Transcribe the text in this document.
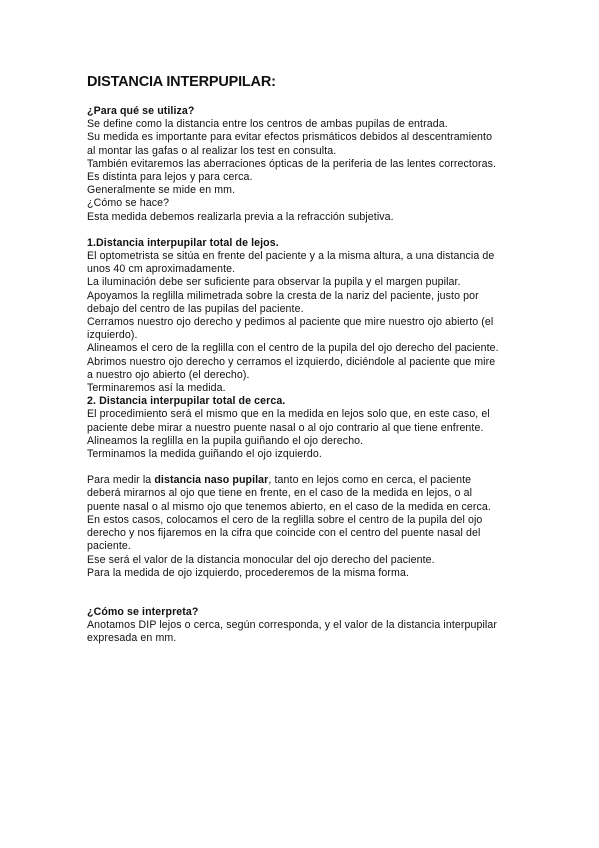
DISTANCIA INTERPUPILAR:

¿Para qué se utiliza?

Se define como la distancia entre los centros de ambas pupilas de entrada.

Su medida es importante para evitar efectos prismáticos debidos al descentramiento al montar las gafas o al realizar los test en consulta.

También evitaremos las aberraciones ópticas de la periferia de las lentes correctoras.

Es distinta para lejos y para cerca.

Generalmente se mide en mm.

¿Cómo se hace?

Esta medida debemos realizarla previa a la refracción subjetiva.

1.Distancia interpupilar total de lejos.

El optometrista se sitúa en frente del paciente y a la misma altura, a una distancia de unos 40 cm aproximadamente.

La iluminación debe ser suficiente para observar la pupila y el margen pupilar.

Apoyamos la reglilla milimetrada sobre la cresta de la nariz del paciente, justo por debajo del centro de las pupilas del paciente.

Cerramos nuestro ojo derecho y pedimos al paciente que mire nuestro ojo abierto (el izquierdo).

Alineamos el cero de la reglilla con el centro de la pupila del ojo derecho del paciente.

Abrimos nuestro ojo derecho y cerramos el izquierdo, diciéndole al paciente que mire a nuestro ojo abierto (el derecho).

Terminaremos así la medida.

2. Distancia interpupilar total de cerca.

El procedimiento será el mismo que en la medida en lejos solo que, en este caso, el paciente debe mirar a nuestro puente nasal o al ojo contrario al que tiene enfrente.

Alineamos la reglilla en la pupila guiñando el ojo derecho.

Terminamos la medida guiñando el ojo izquierdo.

Para medir la distancia naso pupilar, tanto en lejos como en cerca, el paciente deberá mirarnos al ojo que tiene en frente, en el caso de la medida en lejos, o al puente nasal o al mismo ojo que tenemos abierto, en el caso de la medida en cerca.

En estos casos, colocamos el cero de la reglilla sobre el centro de la pupila del ojo derecho y nos fijaremos en la cifra que coincide con el centro del puente nasal del paciente.

Ese será el valor de la distancia monocular del ojo derecho del paciente.

Para la medida de ojo izquierdo, procederemos de la misma forma.

¿Cómo se interpreta?

Anotamos DIP lejos o cerca, según corresponda, y el valor de la distancia interpupilar expresada en mm.
